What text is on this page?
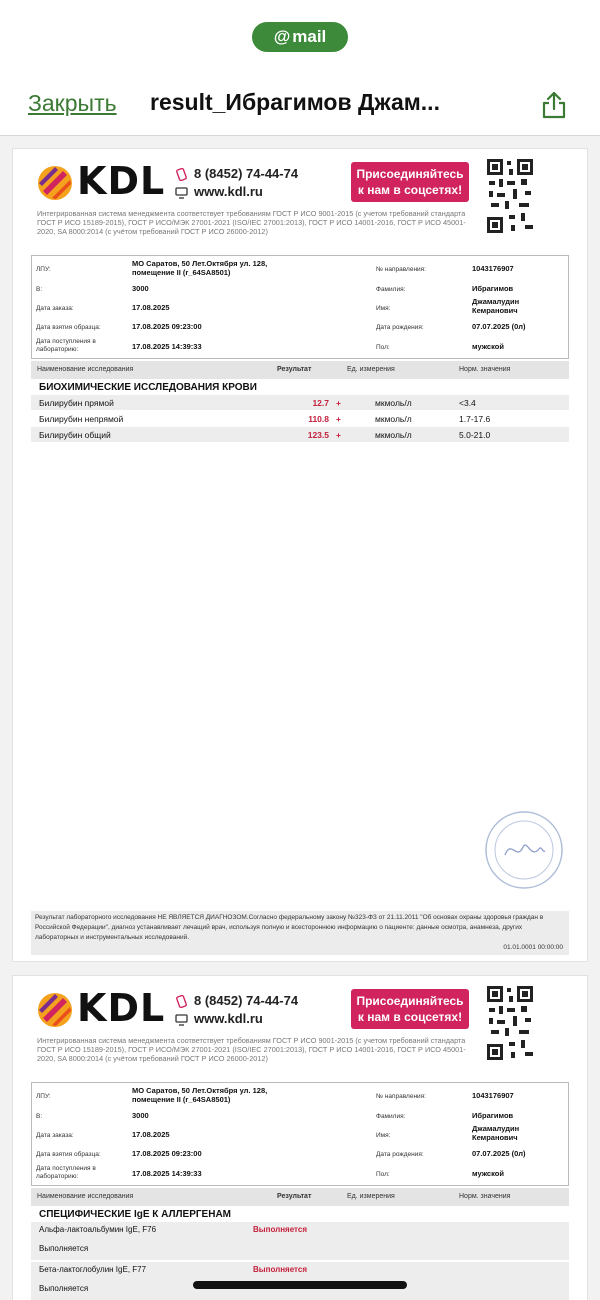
@ mail
Закрыть result_Ибрагимов Джам...
KDL 8 (8452) 74-44-74
www.kdl.ru
Присоединяйтесь
к нам в соцсетях!
Интегрированная система менеджмента соответствует требованиям ГОСТ Р ИСО 9001-2015 (с учетом требований стандарта ГОСТ Р ИСО 15189-2015), ГОСТ Р ИСО/МЭК 27001-2021 (ISO/IEC 27001:2013), ГОСТ Р ИСО 14001-2016, ГОСТ Р ИСО 45001-2020, SA 8000:2014 (с учётом требований ГОСТ Р ИСО 26000-2012)
ЛПУ:
МО Саратов, 50 Лет.Октября ул. 128, помещение II (r_64SA8501)
В:	3000
Дата заказа:	17.08.2025
Дата взятия образца:	17.08.2025 09:23:00
Дата поступления в лабораторию:	17.08.2025 14:39:33
№ направления:	1043176907
Фамилия:	Ибрагимов
Имя:
Джамалудин Кемранович
Дата рождения:	07.07.2025 (0л)
Пол:	мужской
Наименование исследования	Результат	Ед. измерения	Норм. значения
БИОХИМИЧЕСКИЕ ИССЛЕДОВАНИЯ КРОВИ
Билирубин прямой	12.7 +	мкмоль/л	<3.4
Билирубин непрямой	110.8 +	мкмоль/л	1.7-17.6
Билирубин общий	123.5 +	мкмоль/л	5.0-21.0
Результат лабораторного исследования НЕ ЯВЛЯЕТСЯ ДИАГНОЗОМ.Согласно федеральному закону №323-ФЗ от 21.11.2011 "Об основах охраны здоровья граждан в Российской Федерации", диагноз устанавливает лечащий врач, используя полную и всестороннюю информацию о пациенте: данные осмотра, анамнеза, других лабораторных и инструментальных исследований.
01.01.0001 00:00:00
KDL 8 (8452) 74-44-74
www.kdl.ru
Присоединяйтесь
к нам в соцсетях!
Интегрированная система менеджмента соответствует требованиям ГОСТ Р ИСО 9001-2015 (с учетом требований стандарта ГОСТ Р ИСО 15189-2015), ГОСТ Р ИСО/МЭК 27001-2021 (ISO/IEC 27001:2013), ГОСТ Р ИСО 14001-2016, ГОСТ Р ИСО 45001-2020, SA 8000:2014 (с учётом требований ГОСТ Р ИСО 26000-2012)
ЛПУ:
МО Саратов, 50 Лет.Октября ул. 128, помещение II (r_64SA8501)
В:	3000
Дата заказа:	17.08.2025
Дата взятия образца:	17.08.2025 09:23:00
Дата поступления в лабораторию:	17.08.2025 14:39:33
№ направления:	1043176907
Фамилия:	Ибрагимов
Имя:
Джамалудин Кемранович
Дата рождения:	07.07.2025 (0л)
Пол:	мужской
Наименование исследования	Результат	Ед. измерения	Норм. значения
СПЕЦИФИЧЕСКИЕ IgE К АЛЛЕРГЕНАМ
Альфа-лактоальбумин IgE, F76	Выполняется
Выполняется
Бета-лактоглобулин IgE, F77	Выполняется
Выполняется
